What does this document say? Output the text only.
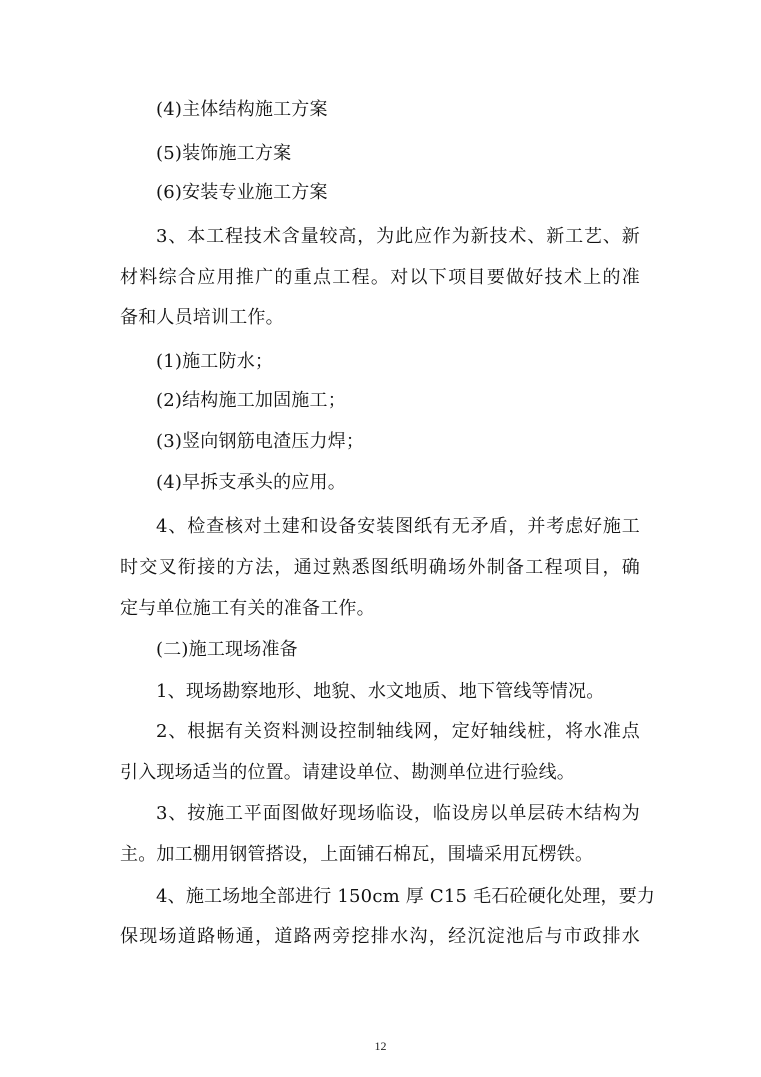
(4)主体结构施工方案
(5)装饰施工方案
(6)安装专业施工方案
3、本工程技术含量较高，为此应作为新技术、新工艺、新
材料综合应用推广的重点工程。对以下项目要做好技术上的准
备和人员培训工作。
(1)施工防水；
(2)结构施工加固施工；
(3)竖向钢筋电渣压力焊；
(4)早拆支承头的应用。
4、检查核对土建和设备安装图纸有无矛盾，并考虑好施工
时交叉衔接的方法，通过熟悉图纸明确场外制备工程项目，确
定与单位施工有关的准备工作。
(二)施工现场准备
1、现场勘察地形、地貌、水文地质、地下管线等情况。
2、根据有关资料测设控制轴线网，定好轴线桩，将水准点
引入现场适当的位置。请建设单位、勘测单位进行验线。
3、按施工平面图做好现场临设，临设房以单层砖木结构为
主。加工棚用钢管搭设，上面铺石棉瓦，围墙采用瓦楞铁。
4、施工场地全部进行 150cm 厚 C15 毛石砼硬化处理，要力
保现场道路畅通，道路两旁挖排水沟，经沉淀池后与市政排水
12
